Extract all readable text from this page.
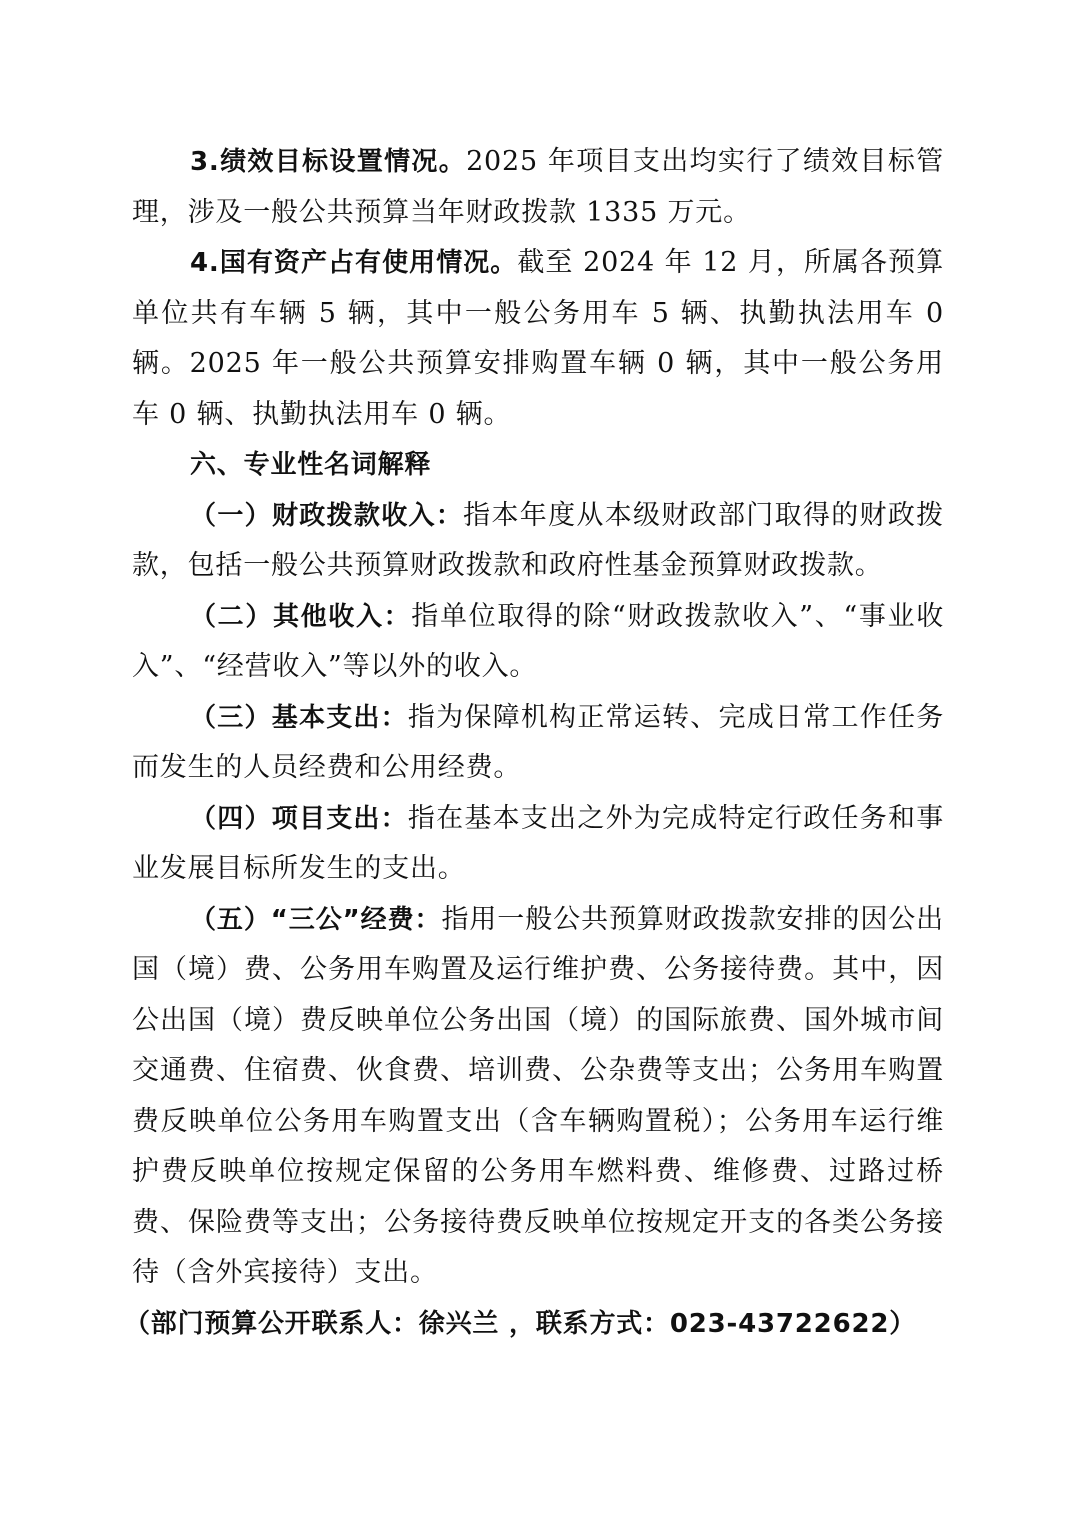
3.绩效目标设置情况。2025 年项目支出均实行了绩效目标管理，涉及一般公共预算当年财政拨款 1335 万元。

4.国有资产占有使用情况。截至 2024 年 12 月，所属各预算单位共有车辆 5 辆，其中一般公务用车 5 辆、执勤执法用车 0 辆。2025 年一般公共预算安排购置车辆 0 辆，其中一般公务用车 0 辆、执勤执法用车 0 辆。

六、专业性名词解释

（一）财政拨款收入：指本年度从本级财政部门取得的财政拨款，包括一般公共预算财政拨款和政府性基金预算财政拨款。

（二）其他收入：指单位取得的除“财政拨款收入”、“事业收入”、“经营收入”等以外的收入。

（三）基本支出：指为保障机构正常运转、完成日常工作任务而发生的人员经费和公用经费。

（四）项目支出：指在基本支出之外为完成特定行政任务和事业发展目标所发生的支出。

（五）“三公”经费：指用一般公共预算财政拨款安排的因公出国（境）费、公务用车购置及运行维护费、公务接待费。其中，因公出国（境）费反映单位公务出国（境）的国际旅费、国外城市间交通费、住宿费、伙食费、培训费、公杂费等支出；公务用车购置费反映单位公务用车购置支出（含车辆购置税）；公务用车运行维护费反映单位按规定保留的公务用车燃料费、维修费、过路过桥费、保险费等支出；公务接待费反映单位按规定开支的各类公务接待（含外宾接待）支出。

（部门预算公开联系人：徐兴兰 ，联系方式：023-43722622）
